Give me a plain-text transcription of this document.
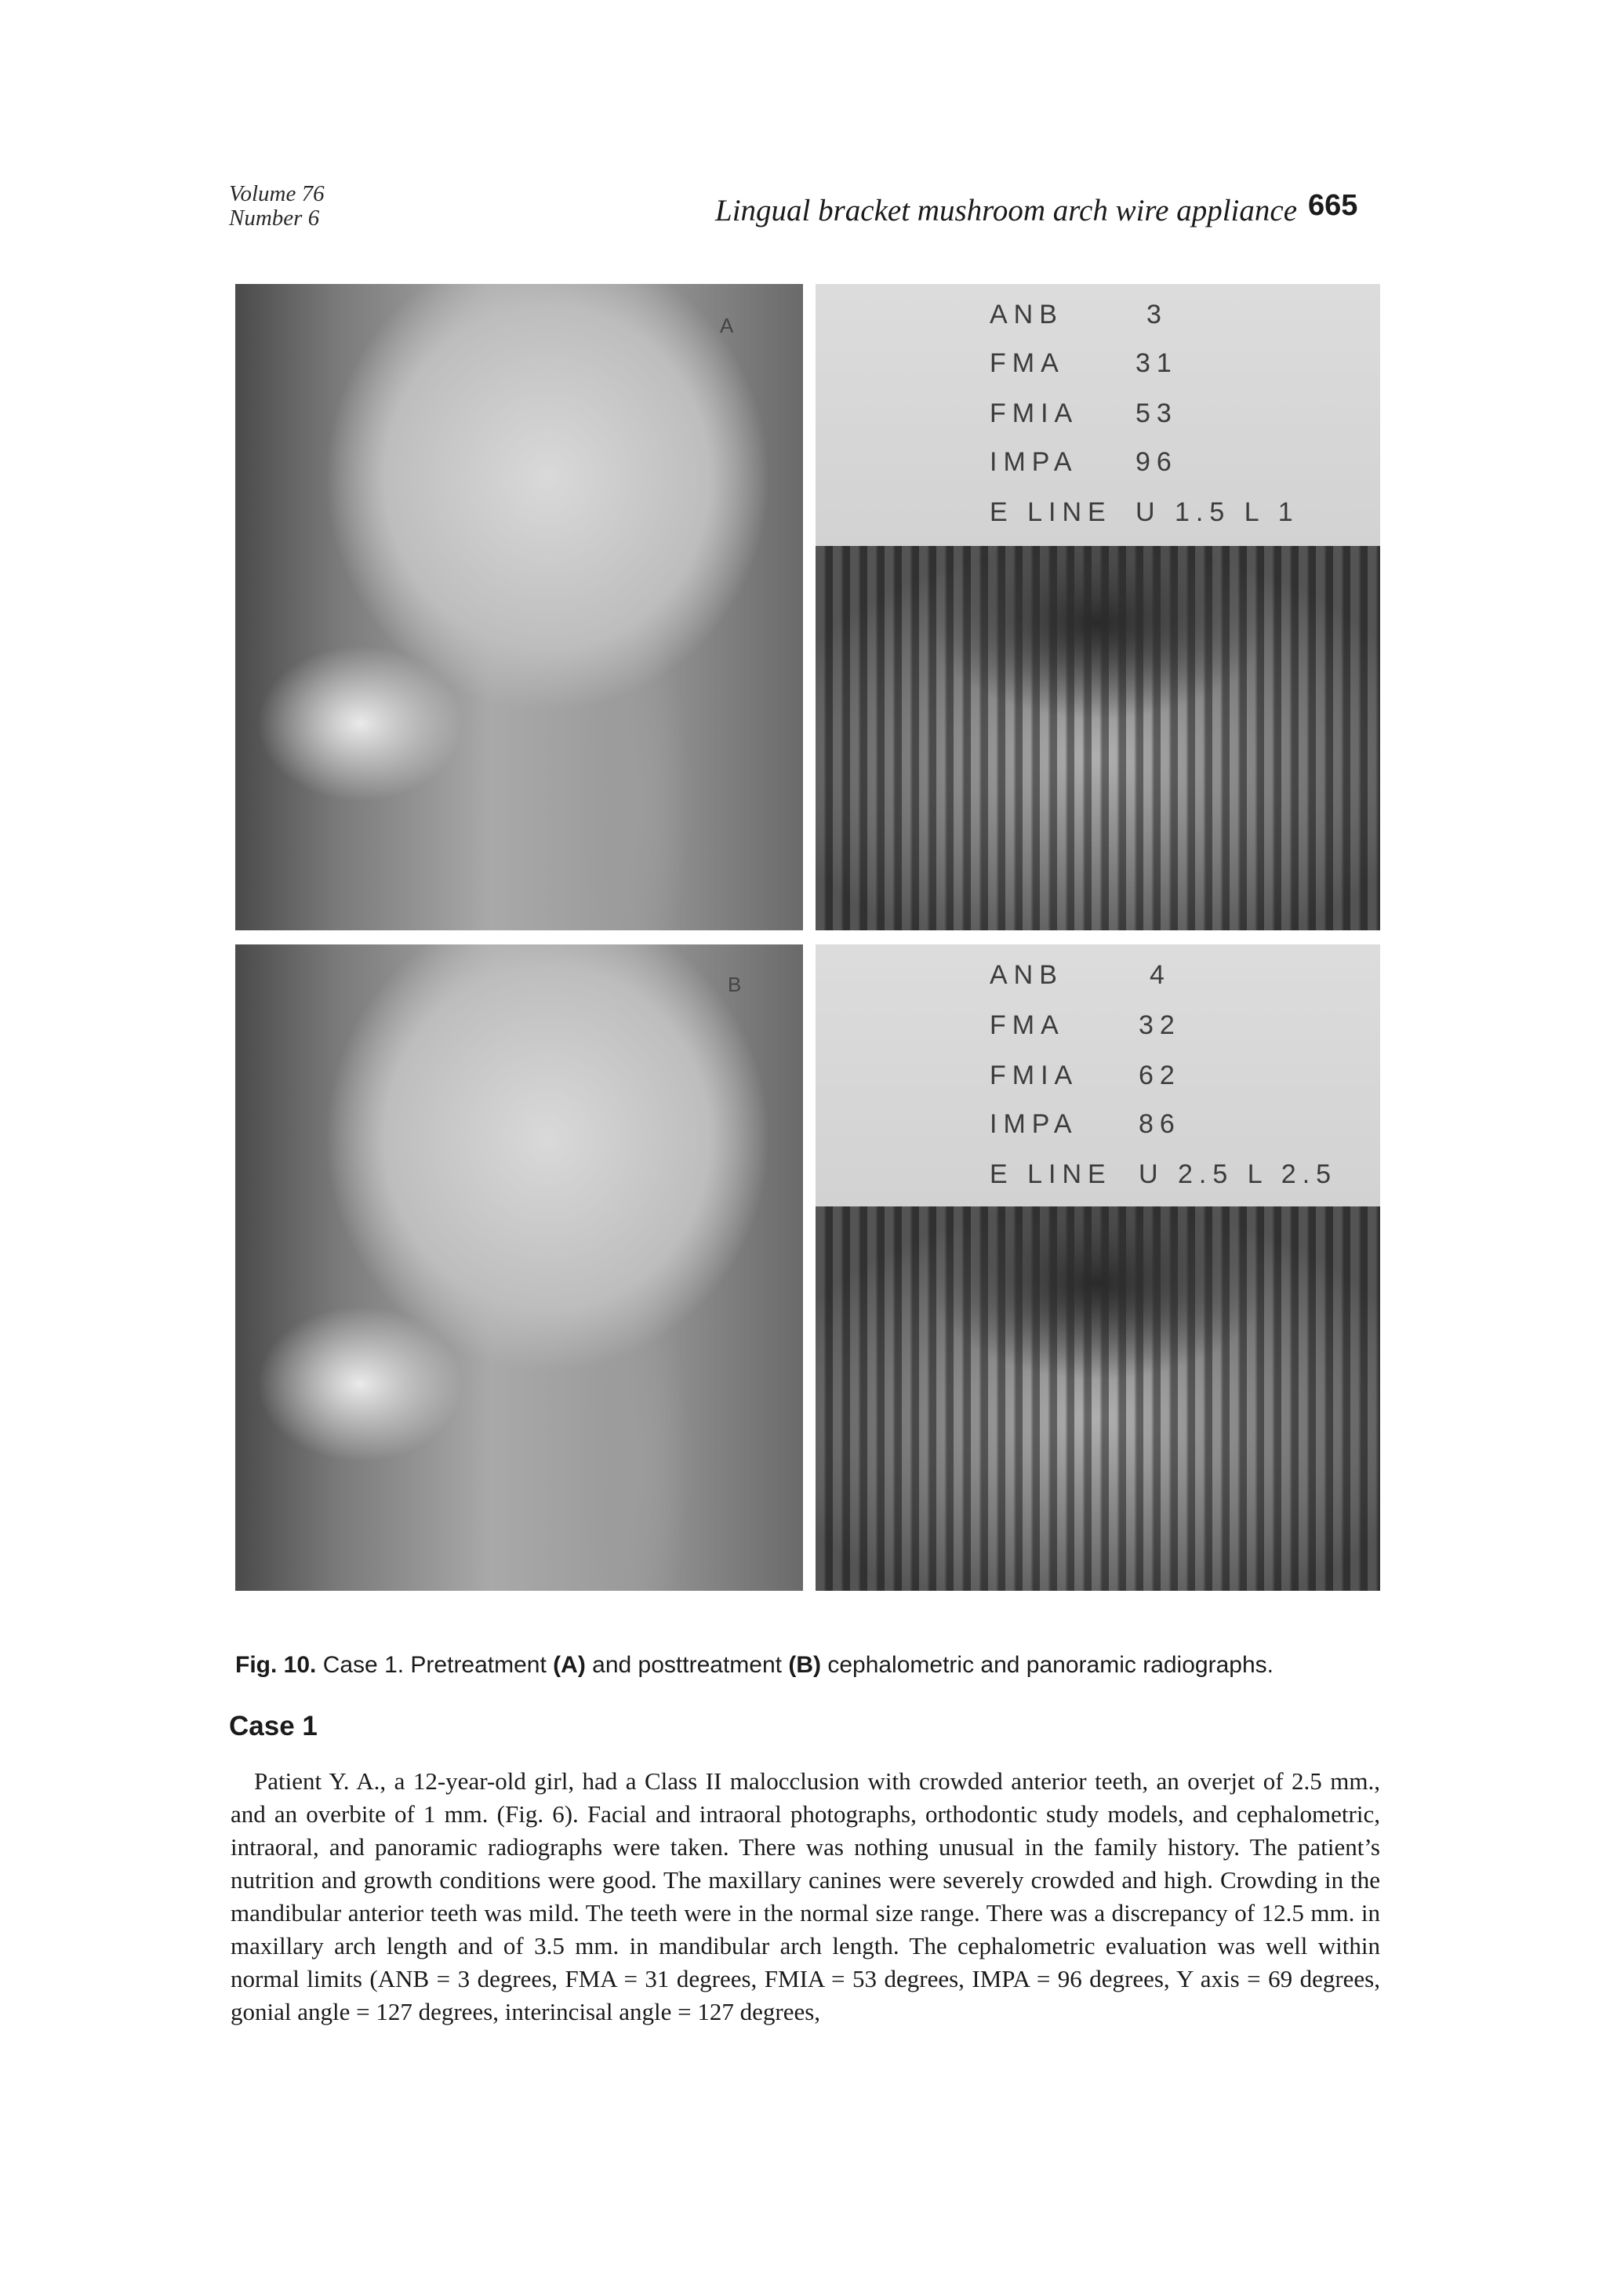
Volume 76
Number 6	Lingual bracket mushroom arch wire appliance 665
A	ANB	3
FMA	31
FMIA 53
IMPA 96
E LINE U 1.5 L 1
B	ANB	4
FMA	32
FMIA 62
IMPA 86
E LINE U 2.5 L 2.5
Fig. 10. Case 1. Pretreatment (A) and posttreatment (B) cephalometric and panoramic radiographs.
Case 1

Patient Y. A., a 12-year-old girl, had a Class II malocclusion with crowded anterior teeth, an overjet of 2.5 mm., and an overbite of 1 mm. (Fig. 6). Facial and intraoral photographs, orthodontic study models, and cephalometric, intraoral, and panoramic radiographs were taken. There was nothing unusual in the family history. The patient’s nutrition and growth conditions were good. The maxillary canines were severely crowded and high. Crowding in the mandibular anterior teeth was mild. The teeth were in the normal size range. There was a discrepancy of 12.5 mm. in maxillary arch length and of 3.5 mm. in mandibular arch length. The cephalometric evaluation was well within normal limits (ANB = 3 degrees, FMA = 31 degrees, FMIA = 53 degrees, IMPA = 96 degrees, Y axis = 69 degrees, gonial angle = 127 degrees, interincisal angle = 127 degrees,
